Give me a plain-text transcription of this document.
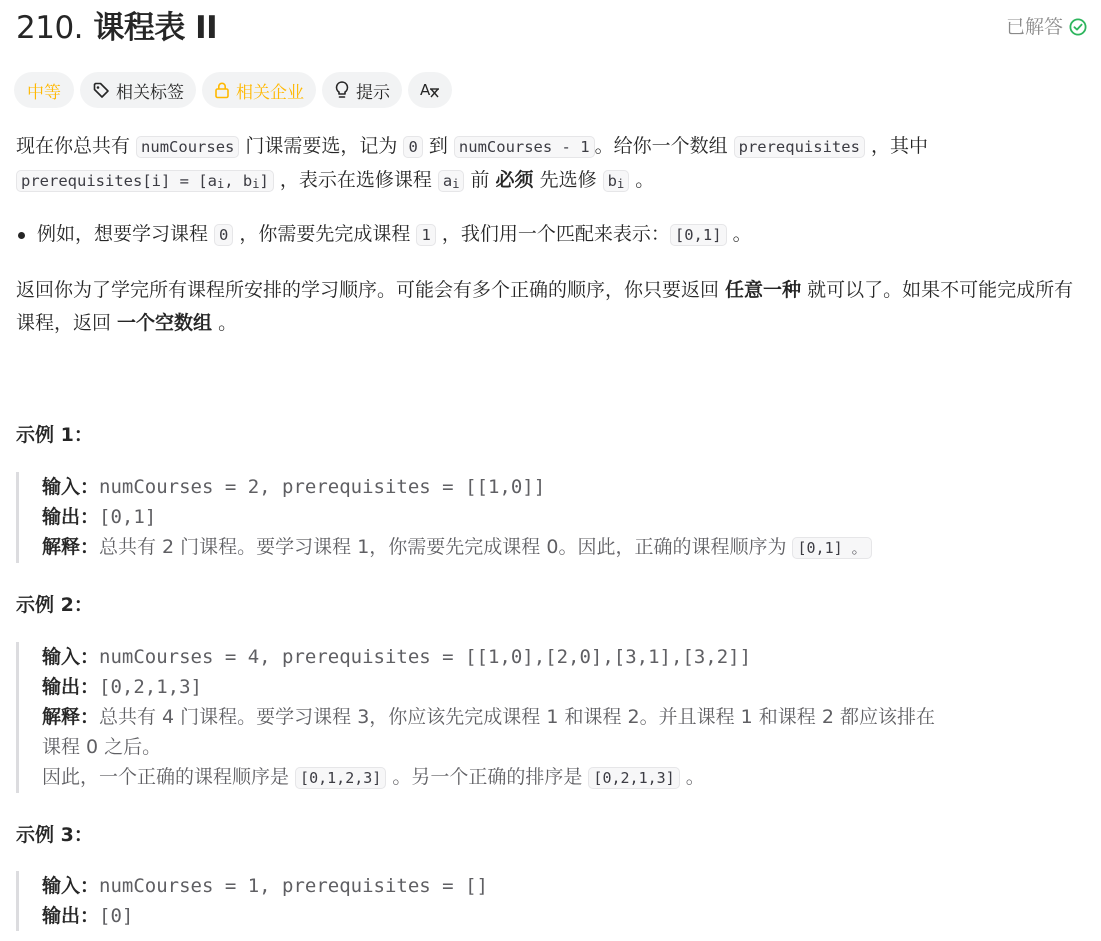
210. 课程表 II	已解答
中等	相关标签	相关企业	提示 A

现在你总共有 numCourses 门课需要选，记为 0 到 numCourses - 1 。给你一个数组 prerequisites ，其中
prerequisites[i] = [$a_i$, $b_i$] ，表示在选修课程 $a_i$ 前 必须 先选修 $b_i$ 。

例如，想要学习课程 0 ，你需要先完成课程 1 ，我们用一个匹配来表示： [0,1] 。

返回你为了学完所有课程所安排的学习顺序。可能会有多个正确的顺序，你只要返回 任意一种 就可以了。如果不可能完成所有课程，返回 一个空数组 。

示例 1：
输入：numCourses = 2, prerequisites = [[1,0]]
输出：[0,1]
解释：总共有 2 门课程。要学习课程 1，你需要先完成课程 0。因此，正确的课程顺序为 [0,1] 。
示例 2：
输入：numCourses = 4, prerequisites = [[1,0],[2,0],[3,1],[3,2]]
输出：[0,2,1,3]
解释：总共有 4 门课程。要学习课程 3，你应该先完成课程 1 和课程 2。并且课程 1 和课程 2 都应该排在
课程 0 之后。
因此，一个正确的课程顺序是 [0,1,2,3] 。另一个正确的排序是 [0,2,1,3] 。
示例 3：
输入：numCourses = 1, prerequisites = []
输出：[0]
